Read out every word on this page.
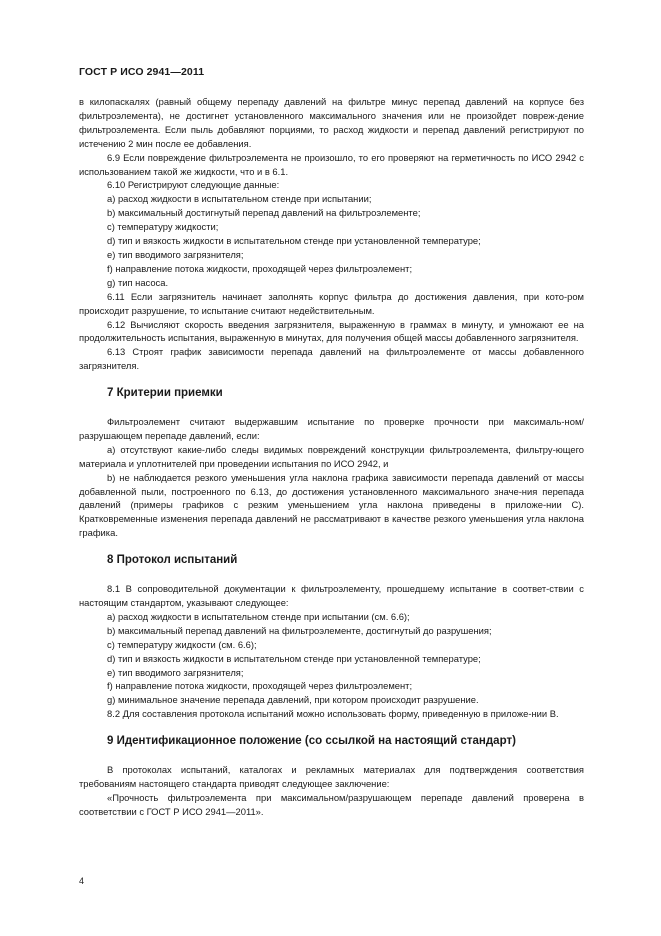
ГОСТ Р ИСО 2941—2011

в килопаскалях (равный общему перепаду давлений на фильтре минус перепад давлений на корпусе без фильтроэлемента), не достигнет установленного максимального значения или не произойдет повреж-дение фильтроэлемента. Если пыль добавляют порциями, то расход жидкости и перепад давлений регистрируют по истечению 2 мин после ее добавления.

6.9 Если повреждение фильтроэлемента не произошло, то его проверяют на герметичность по ИСО 2942 с использованием такой же жидкости, что и в 6.1.

6.10 Регистрируют следующие данные:

a) расход жидкости в испытательном стенде при испытании;

b) максимальный достигнутый перепад давлений на фильтроэлементе;

c) температуру жидкости;

d) тип и вязкость жидкости в испытательном стенде при установленной температуре;

e) тип вводимого загрязнителя;

f) направление потока жидкости, проходящей через фильтроэлемент;

g) тип насоса.

6.11 Если загрязнитель начинает заполнять корпус фильтра до достижения давления, при кото-ром происходит разрушение, то испытание считают недействительным.

6.12 Вычисляют скорость введения загрязнителя, выраженную в граммах в минуту, и умножают ее на продолжительность испытания, выраженную в минутах, для получения общей массы добавленного загрязнителя.

6.13 Строят график зависимости перепада давлений на фильтроэлементе от массы добавленного загрязнителя.

7 Критерии приемки

Фильтроэлемент считают выдержавшим испытание по проверке прочности при максималь-ном/разрушающем перепаде давлений, если:

a) отсутствуют какие-либо следы видимых повреждений конструкции фильтроэлемента, фильтру-ющего материала и уплотнителей при проведении испытания по ИСО 2942, и

b) не наблюдается резкого уменьшения угла наклона графика зависимости перепада давлений от массы добавленной пыли, построенного по 6.13, до достижения установленного максимального значе-ния перепада давлений (примеры графиков с резким уменьшением угла наклона приведены в приложе-нии С). Кратковременные изменения перепада давлений не рассматривают в качестве резкого уменьшения угла наклона графика.

8 Протокол испытаний

8.1 В сопроводительной документации к фильтроэлементу, прошедшему испытание в соответ-ствии с настоящим стандартом, указывают следующее:

a) расход жидкости в испытательном стенде при испытании (см. 6.6);

b) максимальный перепад давлений на фильтроэлементе, достигнутый до разрушения;

c) температуру жидкости (см. 6.6);

d) тип и вязкость жидкости в испытательном стенде при установленной температуре;

e) тип вводимого загрязнителя;

f) направление потока жидкости, проходящей через фильтроэлемент;

g) минимальное значение перепада давлений, при котором происходит разрушение.

8.2 Для составления протокола испытаний можно использовать форму, приведенную в приложе-нии В.

9 Идентификационное положение (со ссылкой на настоящий стандарт)

В протоколах испытаний, каталогах и рекламных материалах для подтверждения соответствия требованиям настоящего стандарта приводят следующее заключение:

«Прочность фильтроэлемента при максимальном/разрушающем перепаде давлений проверена в соответствии с ГОСТ Р ИСО 2941—2011».

4
